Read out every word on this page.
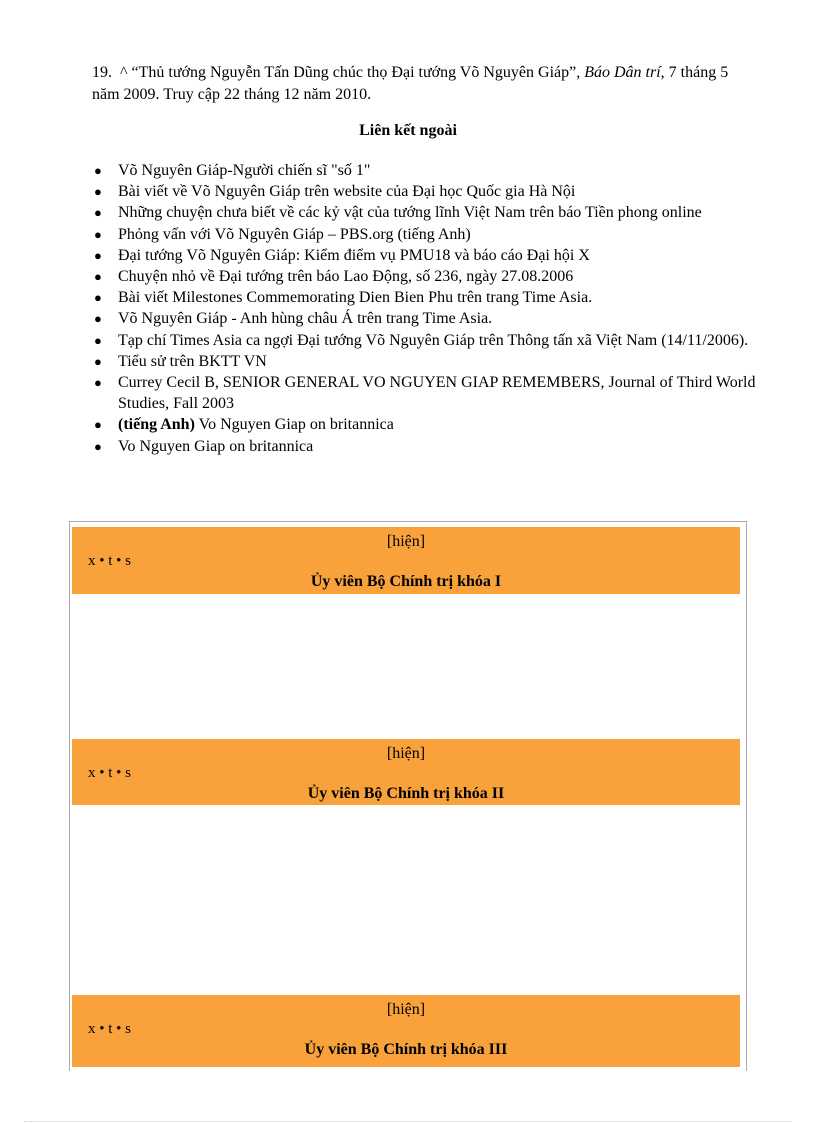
19. ^ “Thủ tướng Nguyễn Tấn Dũng chúc thọ Đại tướng Võ Nguyên Giáp”, Báo Dân trí, 7 tháng 5 năm 2009. Truy cập 22 tháng 12 năm 2010.
Liên kết ngoài
● Võ Nguyên Giáp-Người chiến sĩ "số 1"
● Bài viết về Võ Nguyên Giáp trên website của Đại học Quốc gia Hà Nội
● Những chuyện chưa biết về các kỷ vật của tướng lĩnh Việt Nam trên báo Tiền phong online
● Phỏng vấn với Võ Nguyên Giáp – PBS.org (tiếng Anh)
● Đại tướng Võ Nguyên Giáp: Kiểm điểm vụ PMU18 và báo cáo Đại hội X
● Chuyện nhỏ về Đại tướng trên báo Lao Động, số 236, ngày 27.08.2006
● Bài viết Milestones Commemorating Dien Bien Phu trên trang Time Asia.
● Võ Nguyên Giáp - Anh hùng châu Á trên trang Time Asia.
● Tạp chí Times Asia ca ngợi Đại tướng Võ Nguyên Giáp trên Thông tấn xã Việt Nam (14/11/2006).
● Tiểu sử trên BKTT VN
● Currey Cecil B, SENIOR GENERAL VO NGUYEN GIAP REMEMBERS, Journal of Third World Studies, Fall 2003
● (tiếng Anh) Vo Nguyen Giap on britannica
● Vo Nguyen Giap on britannica
[hiện]
x • t • s
Ủy viên Bộ Chính trị khóa I
[hiện]
x • t • s
Ủy viên Bộ Chính trị khóa II
[hiện]
x • t • s
Ủy viên Bộ Chính trị khóa III
